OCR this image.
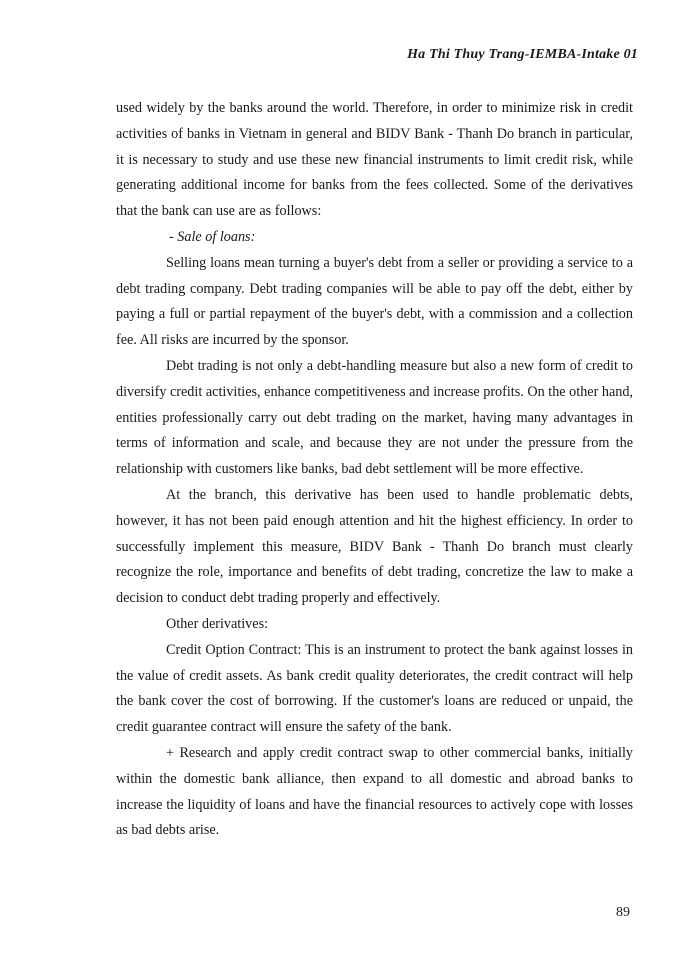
Ha Thi Thuy Trang-IEMBA-Intake 01

used widely by the banks around the world. Therefore, in order to minimize risk in credit activities of banks in Vietnam in general and BIDV Bank - Thanh Do branch in particular, it is necessary to study and use these new financial instruments to limit credit risk, while generating additional income for banks from the fees collected. Some of the derivatives that the bank can use are as follows:

- Sale of loans:

Selling loans mean turning a buyer's debt from a seller or providing a service to a debt trading company. Debt trading companies will be able to pay off the debt, either by paying a full or partial repayment of the buyer's debt, with a commission and a collection fee. All risks are incurred by the sponsor.

Debt trading is not only a debt-handling measure but also a new form of credit to diversify credit activities, enhance competitiveness and increase profits. On the other hand, entities professionally carry out debt trading on the market, having many advantages in terms of information and scale, and because they are not under the pressure from the relationship with customers like banks, bad debt settlement will be more effective.

At the branch, this derivative has been used to handle problematic debts, however, it has not been paid enough attention and hit the highest efficiency. In order to successfully implement this measure, BIDV Bank - Thanh Do branch must clearly recognize the role, importance and benefits of debt trading, concretize the law to make a decision to conduct debt trading properly and effectively.

Other derivatives:

Credit Option Contract: This is an instrument to protect the bank against losses in the value of credit assets. As bank credit quality deteriorates, the credit contract will help the bank cover the cost of borrowing. If the customer's loans are reduced or unpaid, the credit guarantee contract will ensure the safety of the bank.

+ Research and apply credit contract swap to other commercial banks, initially within the domestic bank alliance, then expand to all domestic and abroad banks to increase the liquidity of loans and have the financial resources to actively cope with losses as bad debts arise.

89
